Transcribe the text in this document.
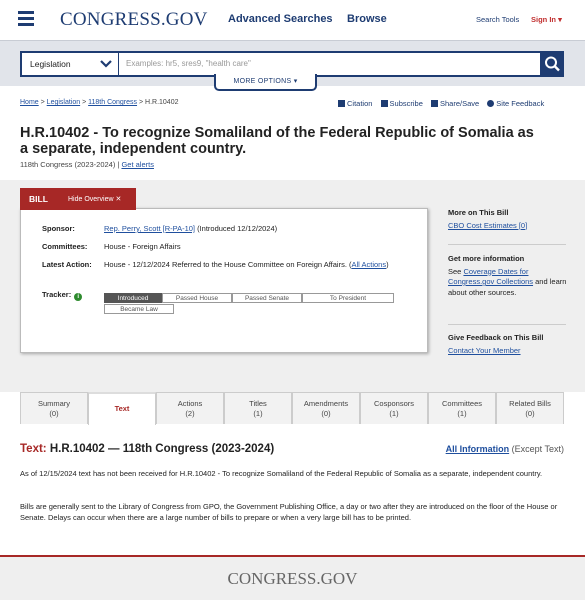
CONGRESS.GOV Advanced Searches Browse	Search Tools Sign In ▾
Legislation	Examples: hr5, sres9, "health care"
MORE OPTIONS ▾
Home > Legislation > 118th Congress > H.R.10402	Citation Subscribe Share/Save Site Feedback
H.R.10402 - To recognize Somaliland of the Federal Republic of Somalia as a separate, independent country.
118th Congress (2023-2024) | Get alerts
Sponsor:	Rep. Perry, Scott [R-PA-10] (Introduced 12/12/2024)
Committees: House - Foreign Affairs
Latest Action: House - 12/12/2024 Referred to the House Committee on Foreign Affairs. (All Actions)
Tracker: i	Introduced	Passed House	Passed Senate	To President
Became Law
BILL	Hide Overview ✕
More on This Bill
CBO Cost Estimates [0]
Get more information
See Coverage Dates for Congress.gov Collections and learn about other sources.
Give Feedback on This Bill
Contact Your Member
Summary
(0)
Text
Actions
(2)
Titles
(1)
Amendments
(0)
Cosponsors
(1)
Committees
(1)
Related Bills
(0)
Text: H.R.10402 — 118th Congress (2023-2024)	All Information (Except Text)
As of 12/15/2024 text has not been received for H.R.10402 - To recognize Somaliland of the Federal Republic of Somalia as a separate, independent country.
Bills are generally sent to the Library of Congress from GPO, the Government Publishing Office, a day or two after they are introduced on the floor of the House or Senate. Delays can occur when there are a large number of bills to prepare or when a very large bill has to be printed.
CONGRESS.GOV
